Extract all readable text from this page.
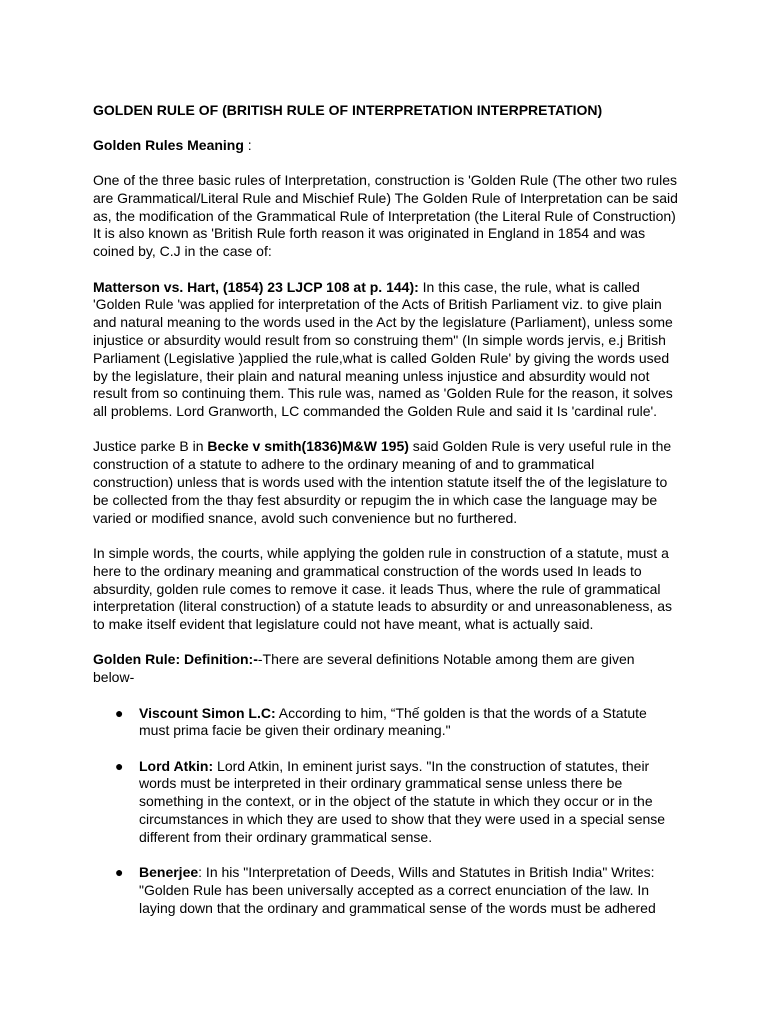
GOLDEN RULE OF (BRITISH RULE OF INTERPRETATION INTERPRETATION)

Golden Rules Meaning :

One of the three basic rules of Interpretation, construction is 'Golden Rule (The other two rules are Grammatical/Literal Rule and Mischief Rule) The Golden Rule of Interpretation can be said as, the modification of the Grammatical Rule of Interpretation (the Literal Rule of Construction) It is also known as 'British Rule forth reason it was originated in England in 1854 and was coined by, C.J in the case of:

Matterson vs. Hart, (1854) 23 LJCP 108 at p. 144): In this case, the rule, what is called 'Golden Rule 'was applied for interpretation of the Acts of British Parliament viz. to give plain and natural meaning to the words used in the Act by the legislature (Parliament), unless some injustice or absurdity would result from so construing them" (In simple words jervis, e.j British Parliament (Legislative )applied the rule,what is called Golden Rule' by giving the words used by the legislature, their plain and natural meaning unless injustice and absurdity would not result from so continuing them. This rule was, named as 'Golden Rule for the reason, it solves all problems. Lord Granworth, LC commanded the Golden Rule and said it Is 'cardinal rule'.

Justice parke B in Becke v smith(1836)M&W 195) said Golden Rule is very useful rule in the construction of a statute to adhere to the ordinary meaning of and to grammatical construction) unless that is words used with the intention statute itself the of the legislature to be collected from the thay fest absurdity or repugim the in which case the language may be varied or modified snance, avold such convenience but no furthered.

In simple words, the courts, while applying the golden rule in construction of a statute, must a here to the ordinary meaning and grammatical construction of the words used In leads to absurdity, golden rule comes to remove it case. it leads Thus, where the rule of grammatical interpretation (literal construction) of a statute leads to absurdity or and unreasonableness, as to make itself evident that legislature could not have meant, what is actually said.

Golden Rule: Definition:--There are several definitions Notable among them are given below-

● Viscount Simon L.C: According to him, “Thế golden is that the words of a Statute must prima facie be given their ordinary meaning."
● Lord Atkin: Lord Atkin, In eminent jurist says. "In the construction of statutes, their words must be interpreted in their ordinary grammatical sense unless there be something in the context, or in the object of the statute in which they occur or in the circumstances in which they are used to show that they were used in a special sense different from their ordinary grammatical sense.
● Benerjee: In his "Interpretation of Deeds, Wills and Statutes in British India" Writes: "Golden Rule has been universally accepted as a correct enunciation of the law. In laying down that the ordinary and grammatical sense of the words must be adhered
